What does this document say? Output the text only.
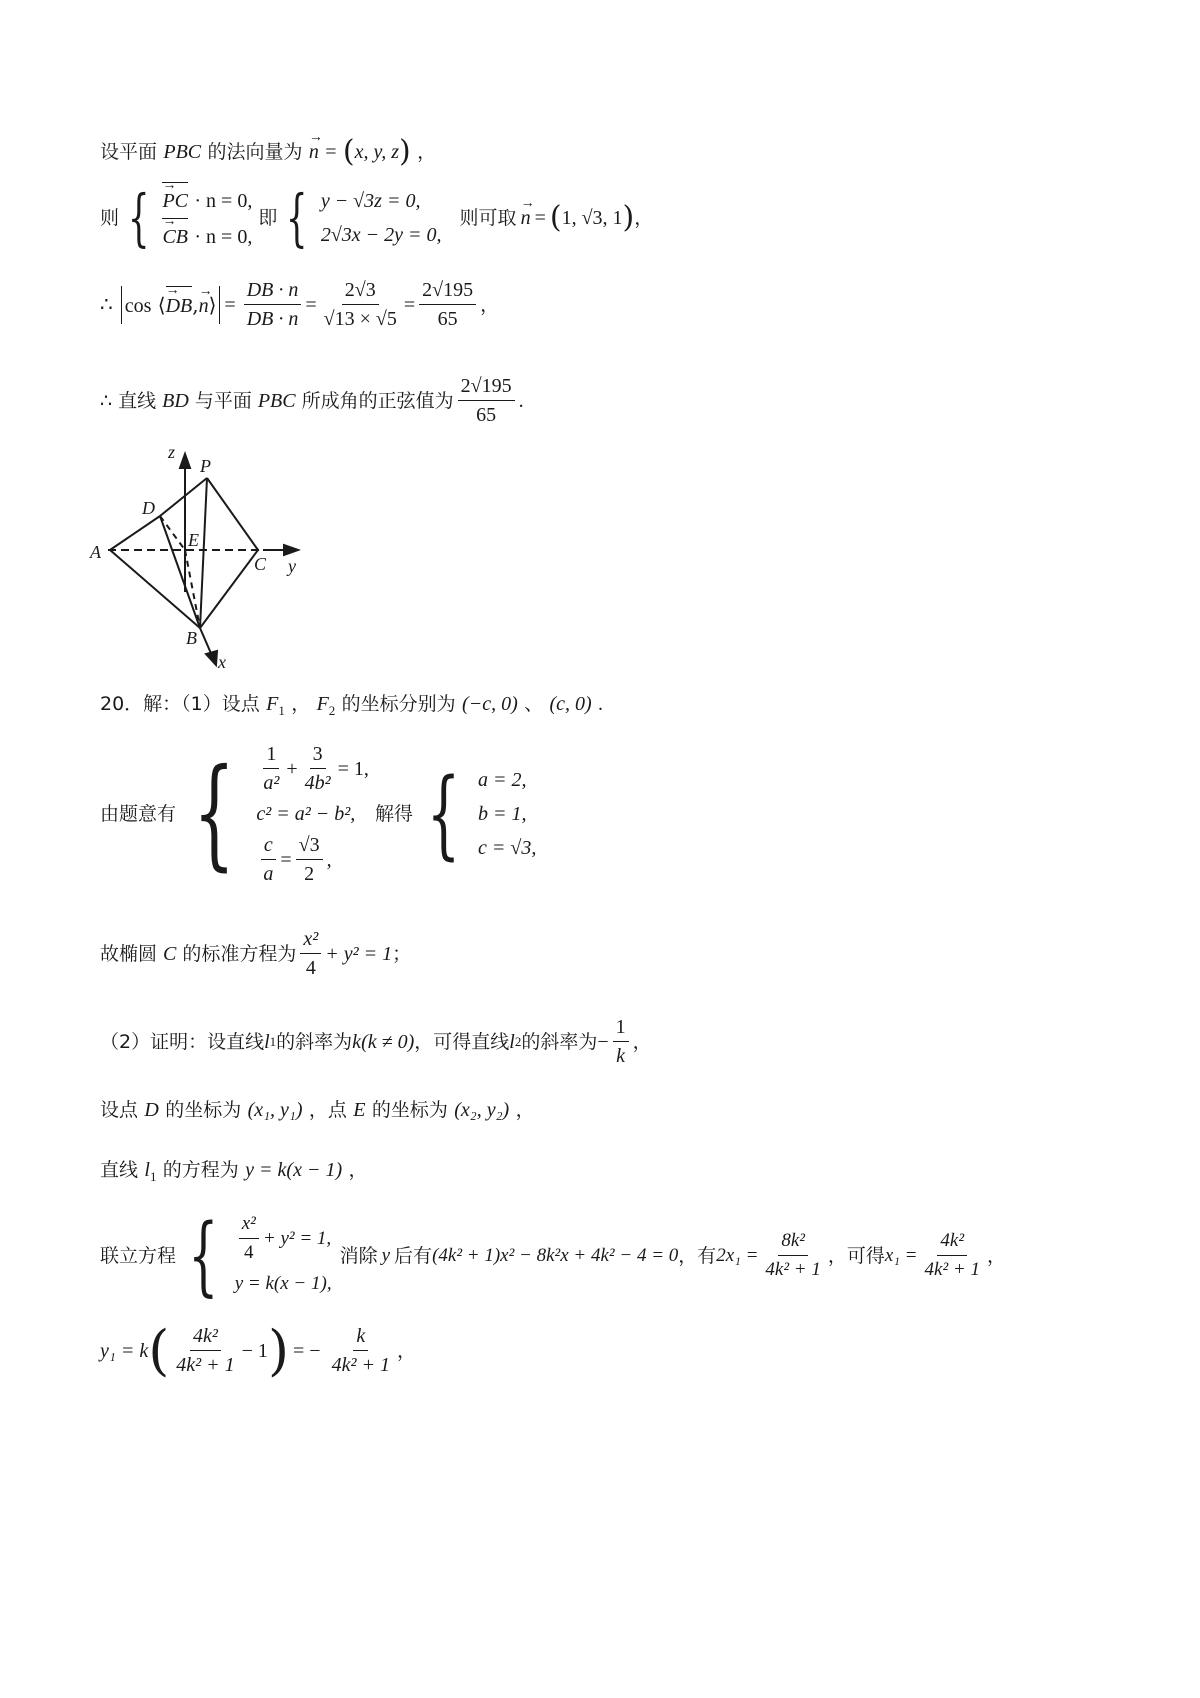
设平面 PBC 的法向量为 → n = (x, y, z) ，
则 { → PC · n = 0,
→ CB · n = 0,
即 { y − √3z = 0,
2√3x − 2y = 0,
则可取 → n = ( 1, √3, 1 ) ，
∴ cos ⟨→ DB,→ n⟩ = $\frac{DB \cdot n}{DB \cdot n} = \frac{2√3}{√13 \times √5} = \frac{2√195}{65}$ ，
∴ 直线 BD 与平面 PBC 所成角的正弦值为 $\frac{2√195}{65}$ .
z
P
D
E
A
C y
B
x
20．解：（1）设点 $F_1$ ， $F_2$ 的坐标分别为 (−c, 0) 、 (c, 0) .
由题意有 { $\frac{1}{\text{a²}} + \frac{3}{\text{4b²}} = 1$,
c² = a² − b²,
$\frac{c}{a} = \frac{√3}{2}$ ,
解得 { a = 2,
b = 1,
c = √3,
故椭圆 C 的标准方程为 $\frac{\text{x²}}{4} + y^2 = 1$ ；
（2）证明：设直线 l 1 的斜率为 k (k ≠ 0) ，可得直线 l 2 的斜率为 − $\frac{1}{k}$ ，
设点 D 的坐标为 (x₁, y₁) ，点 E 的坐标为 (x₂, y₂) ，
直线 $l_1$ 的方程为 y = k(x − 1) ，
联立方程 { $\frac{\text{x²}}{4} + y^2 = 1$,
y = k(x − 1),
消除 y 后有 (4k² + 1)x² − 8k²x + 4k² − 4 = 0 ，有 $2x_1 = \frac{\text{8k²}}{\text{4k² + 1}}$ ，可得 $x_1 = \frac{\text{4k²}}{\text{4k² + 1}}$ ，
y₁ = k ( $\frac{\text{4k²}}{\text{4k² + 1}} - 1$ ) = − $\frac{k}{\text{4k² + 1}}$ ，
